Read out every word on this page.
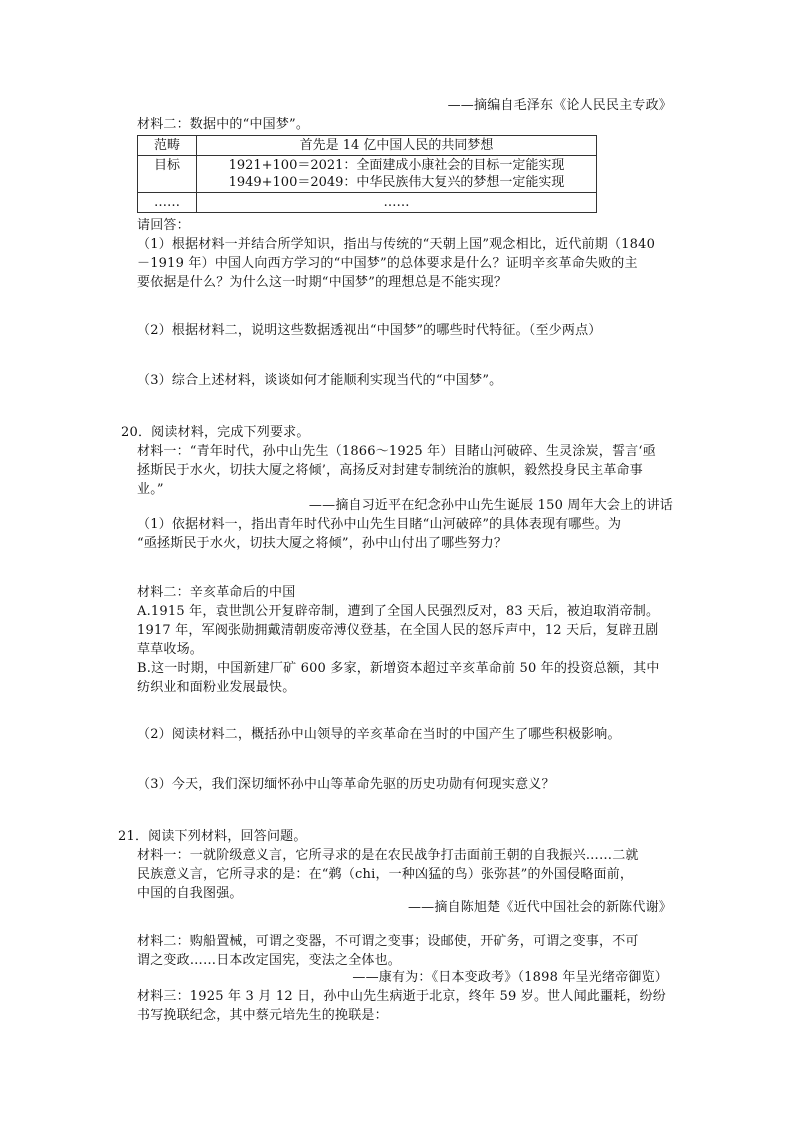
——摘编自毛泽东《论人民民主专政》
材料二：数据中的“中国梦”。
范畴	首先是 14 亿中国人民的共同梦想
目标	1921+100＝2021：全面建成小康社会的目标一定能实现
1949+100＝2049：中华民族伟大复兴的梦想一定能实现

……	……
请回答：
（1）根据材料一并结合所学知识，指出与传统的“天朝上国”观念相比，近代前期（1840
－1919 年）中国人向西方学习的“中国梦”的总体要求是什么？证明辛亥革命失败的主
要依据是什么？为什么这一时期“中国梦”的理想总是不能实现？
（2）根据材料二，说明这些数据透视出“中国梦”的哪些时代特征。（至少两点）
（3）综合上述材料，谈谈如何才能顺利实现当代的“中国梦”。
20．阅读材料，完成下列要求。
材料一：“青年时代，孙中山先生（1866～1925 年）目睹山河破碎、生灵涂炭，誓言‘亟
拯斯民于水火，切扶大厦之将倾’，高扬反对封建专制统治的旗帜，毅然投身民主革命事
业。”
——摘自习近平在纪念孙中山先生诞辰 150 周年大会上的讲话
（1）依据材料一，指出青年时代孙中山先生目睹“山河破碎”的具体表现有哪些。为
“亟拯斯民于水火，切扶大厦之将倾”，孙中山付出了哪些努力？
材料二：辛亥革命后的中国
A.1915 年，袁世凯公开复辟帝制，遭到了全国人民强烈反对，83 天后，被迫取消帝制。
1917 年，军阀张勋拥戴清朝废帝溥仪登基，在全国人民的怒斥声中，12 天后，复辟丑剧
草草收场。
B.这一时期，中国新建厂矿 600 多家，新增资本超过辛亥革命前 50 年的投资总额，其中
纺织业和面粉业发展最快。
（2）阅读材料二，概括孙中山领导的辛亥革命在当时的中国产生了哪些积极影响。
（3）今天，我们深切缅怀孙中山等革命先驱的历史功勋有何现实意义？
21．阅读下列材料，回答问题。
材料一：一就阶级意义言，它所寻求的是在农民战争打击面前王朝的自我振兴……二就
民族意义言，它所寻求的是：在“鹈（chi，一种凶猛的鸟）张弥甚”的外国侵略面前，
中国的自我图强。
——摘自陈旭楚《近代中国社会的新陈代谢》
材料二：购船置械，可谓之变器，不可谓之变事；设邮使，开矿务，可谓之变事，不可
谓之变政……日本改定国宪，变法之全体也。
——康有为：《日本变政考》（1898 年呈光绪帝御览）
材料三：1925 年 3 月 12 日，孙中山先生病逝于北京，终年 59 岁。世人闻此噩耗，纷纷
书写挽联纪念，其中蔡元培先生的挽联是：
